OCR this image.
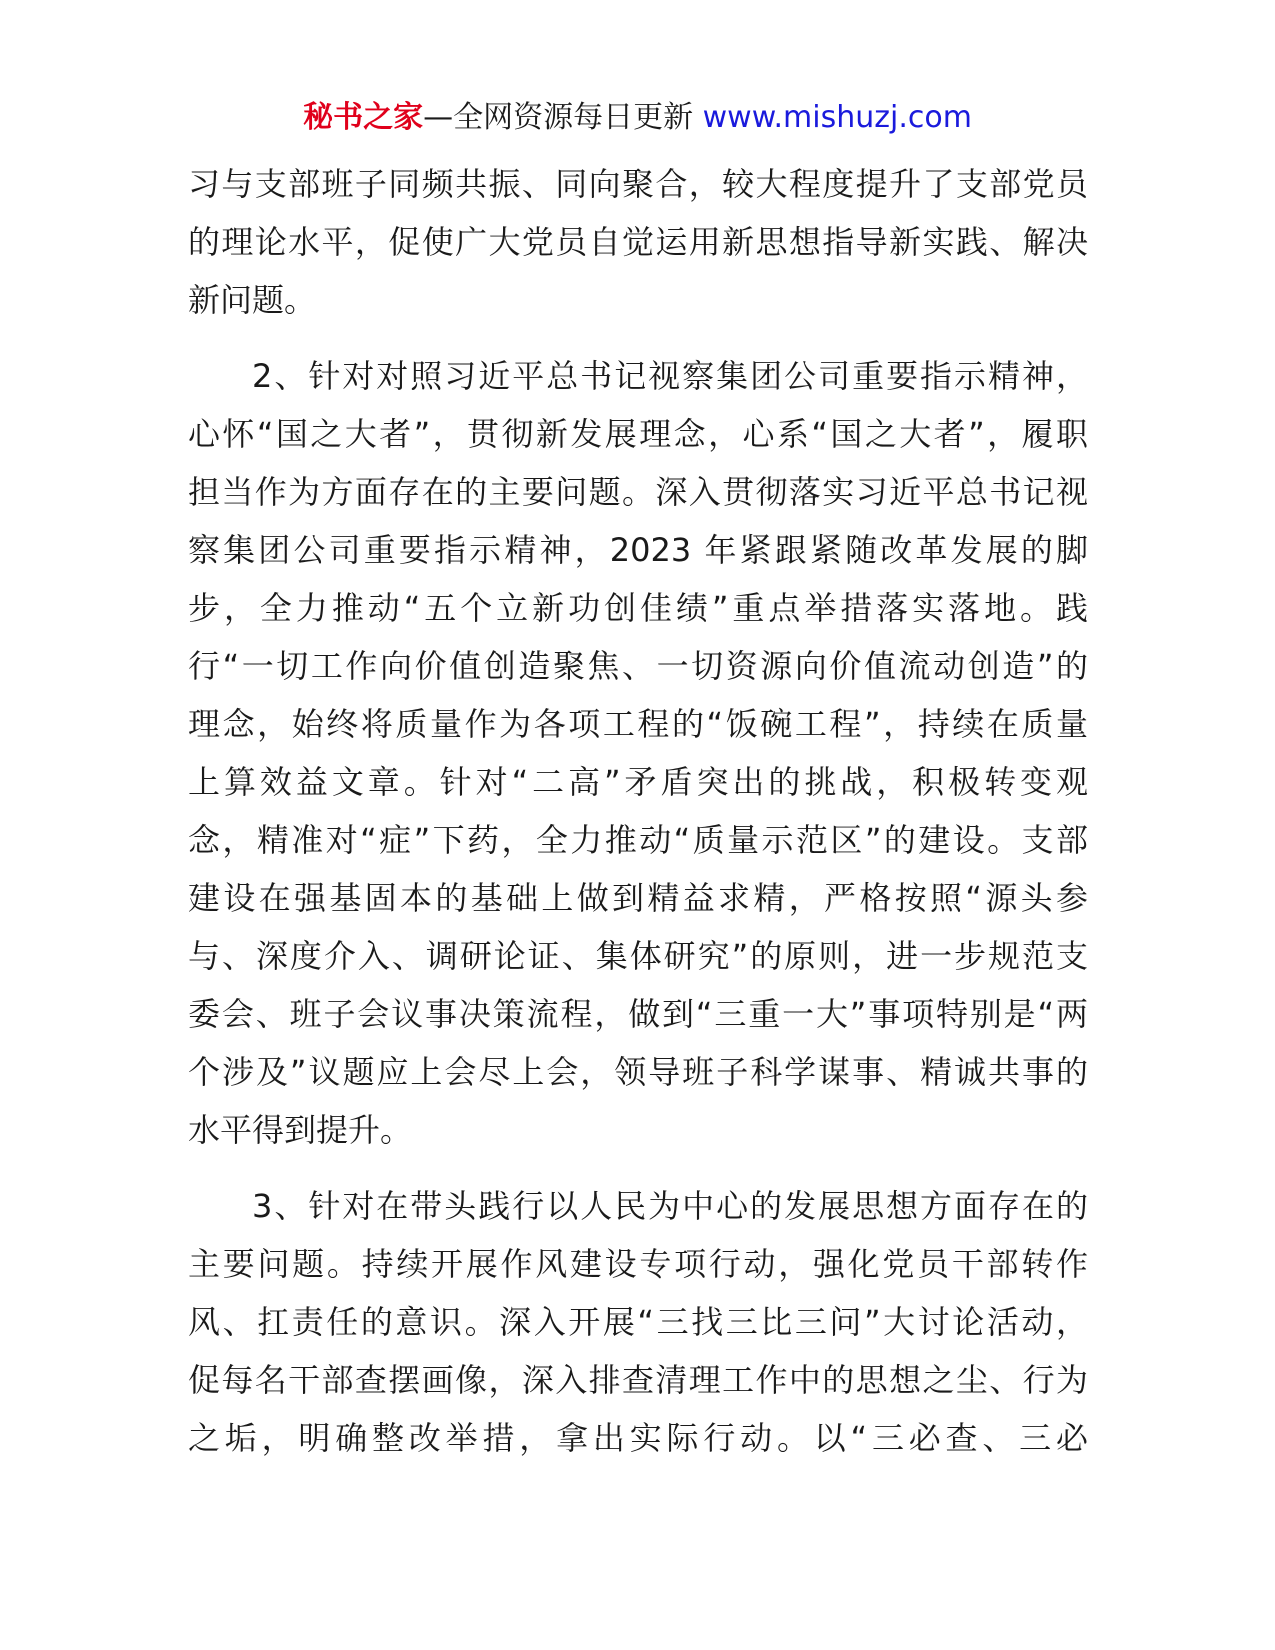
秘书之家—全网资源每日更新 www.mishuzj.com
习与支部班子同频共振、同向聚合，较大程度提升了支部党员
的理论水平，促使广大党员自觉运用新思想指导新实践、解决
新问题。
2、针对对照习近平总书记视察集团公司重要指示精神，
心怀“国之大者”，贯彻新发展理念，心系“国之大者”，履职
担当作为方面存在的主要问题。深入贯彻落实习近平总书记视
察集团公司重要指示精神，2023 年紧跟紧随改革发展的脚
步，全力推动“五个立新功创佳绩”重点举措落实落地。践
行“一切工作向价值创造聚焦、一切资源向价值流动创造”的
理念，始终将质量作为各项工程的“饭碗工程”，持续在质量
上算效益文章。针对“二高”矛盾突出的挑战，积极转变观
念，精准对“症”下药，全力推动“质量示范区”的建设。支部
建设在强基固本的基础上做到精益求精，严格按照“源头参
与、深度介入、调研论证、集体研究”的原则，进一步规范支
委会、班子会议事决策流程，做到“三重一大”事项特别是“两
个涉及”议题应上会尽上会，领导班子科学谋事、精诚共事的
水平得到提升。
3、针对在带头践行以人民为中心的发展思想方面存在的
主要问题。持续开展作风建设专项行动，强化党员干部转作
风、扛责任的意识。深入开展“三找三比三问”大讨论活动，
促每名干部查摆画像，深入排查清理工作中的思想之尘、行为
之垢，明确整改举措，拿出实际行动。以“三必查、三必
